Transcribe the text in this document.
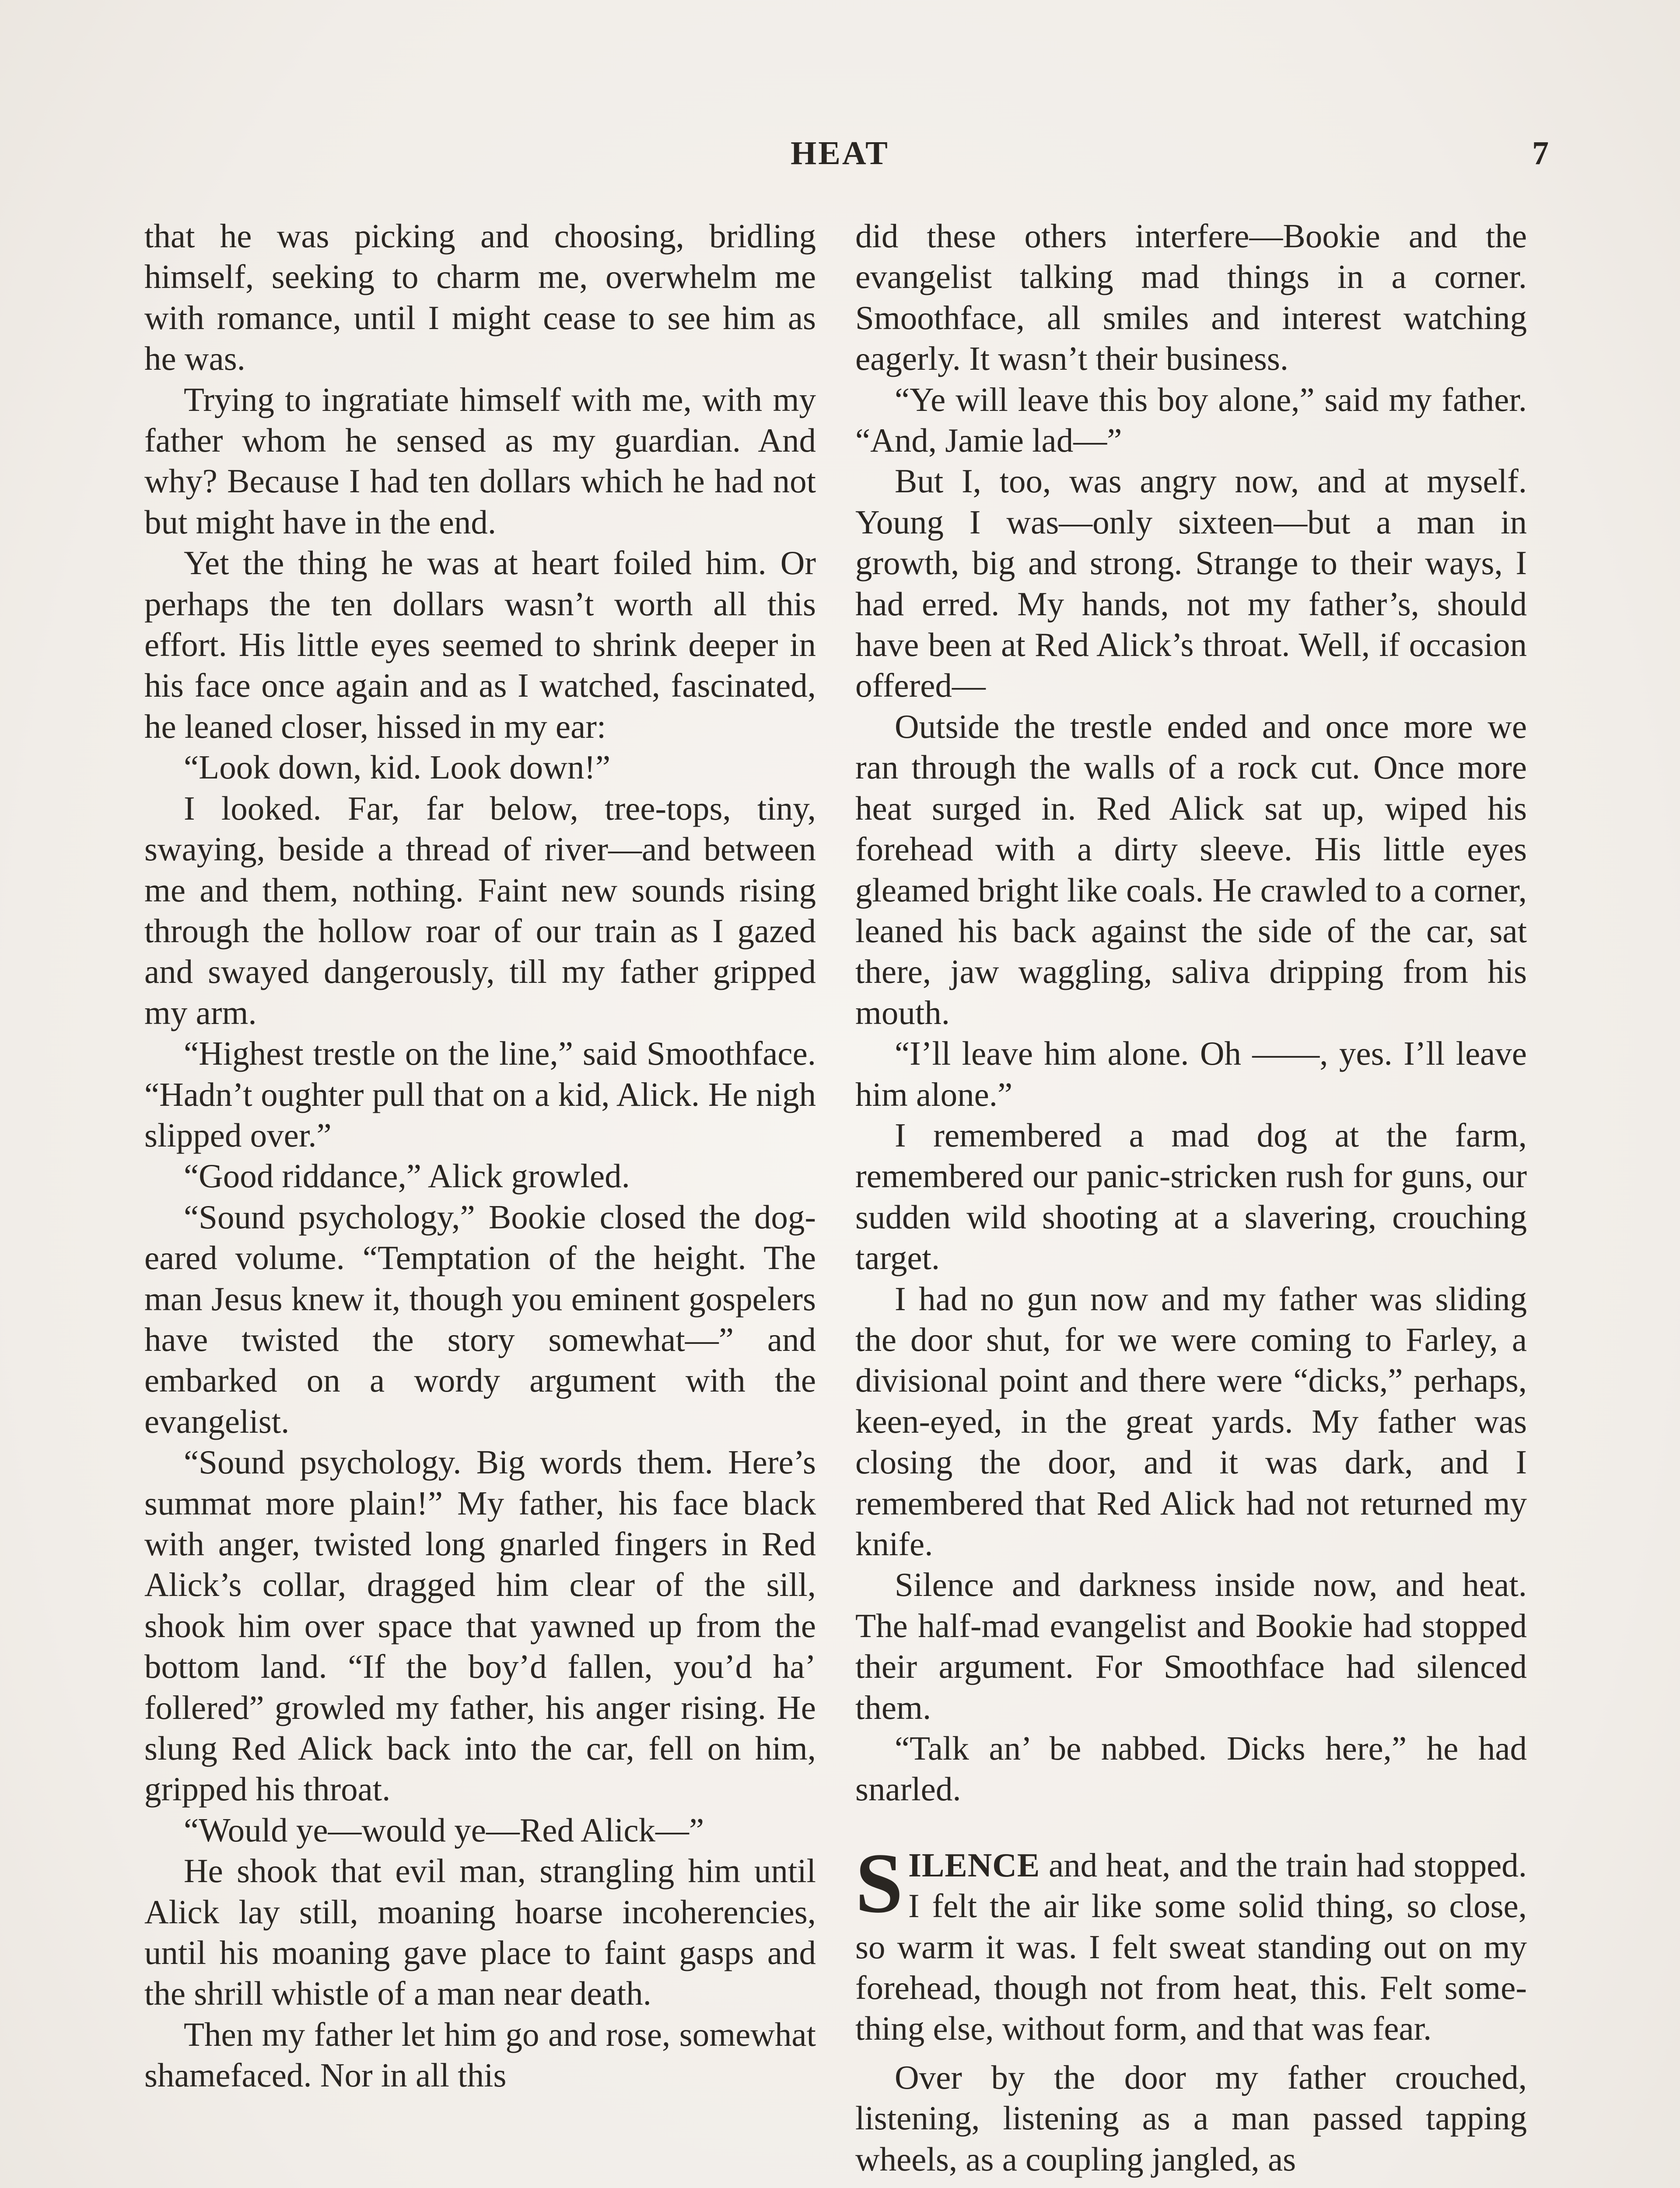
HEAT	7

that he was picking and choosing, bridling himself, seeking to charm me, overwhelm me with romance, until I might cease to see him as he was.

Trying to ingratiate himself with me, with my father whom he sensed as my guardian. And why? Because I had ten dollars which he had not but might have in the end.

Yet the thing he was at heart foiled him. Or perhaps the ten dollars wasn’t worth all this effort. His little eyes seemed to shrink deeper in his face once again and as I watched, fascinated, he leaned closer, hissed in my ear:

“Look down, kid. Look down!”

I looked. Far, far below, tree-tops, tiny, swaying, beside a thread of river—and between me and them, nothing. Faint new sounds rising through the hollow roar of our train as I gazed and swayed dangerously, till my father gripped my arm.

“Highest trestle on the line,” said Smoothface. “Hadn’t oughter pull that on a kid, Alick. He nigh slipped over.”

“Good riddance,” Alick growled.

“Sound psychology,” Bookie closed the dog-eared volume. “Temptation of the height. The man Jesus knew it, though you eminent gospelers have twisted the story somewhat—” and embarked on a wordy argument with the evangelist.

“Sound psychology. Big words them. Here’s summat more plain!” My father, his face black with anger, twisted long gnarled fingers in Red Alick’s collar, dragged him clear of the sill, shook him over space that yawned up from the bottom land. “If the boy’d fallen, you’d ha’ follered” growled my father, his anger rising. He slung Red Alick back into the car, fell on him, gripped his throat.

“Would ye—would ye—Red Alick—”

He shook that evil man, strangling him until Alick lay still, moaning hoarse incoherencies, until his moaning gave place to faint gasps and the shrill whistle of a man near death.

Then my father let him go and rose, somewhat shamefaced. Nor in all this

did these others interfere—Bookie and the evangelist talking mad things in a corner. Smoothface, all smiles and interest watching eagerly. It wasn’t their business.

“Ye will leave this boy alone,” said my father. “And, Jamie lad—”

But I, too, was angry now, and at myself. Young I was—only sixteen—but a man in growth, big and strong. Strange to their ways, I had erred. My hands, not my father’s, should have been at Red Alick’s throat. Well, if occasion offered—

Outside the trestle ended and once more we ran through the walls of a rock cut. Once more heat surged in. Red Alick sat up, wiped his forehead with a dirty sleeve. His little eyes gleamed bright like coals. He crawled to a corner, leaned his back against the side of the car, sat there, jaw waggling, saliva dripping from his mouth.

“I’ll leave him alone. Oh ——, yes. I’ll leave him alone.”

I remembered a mad dog at the farm, remembered our panic-stricken rush for guns, our sudden wild shooting at a slavering, crouching target.

I had no gun now and my father was sliding the door shut, for we were coming to Farley, a divisional point and there were “dicks,” perhaps, keen-eyed, in the great yards. My father was closing the door, and it was dark, and I remembered that Red Alick had not returned my knife.

Silence and darkness inside now, and heat. The half-mad evangelist and Bookie had stopped their argument. For Smoothface had silenced them.

“Talk an’ be nabbed. Dicks here,” he had snarled.

SILENCE and heat, and the train had stopped. I felt the air like some solid thing, so close, so warm it was. I felt sweat standing out on my forehead, though not from heat, this. Felt something else, without form, and that was fear.

Over by the door my father crouched, listening, listening as a man passed tapping wheels, as a coupling jangled, as
